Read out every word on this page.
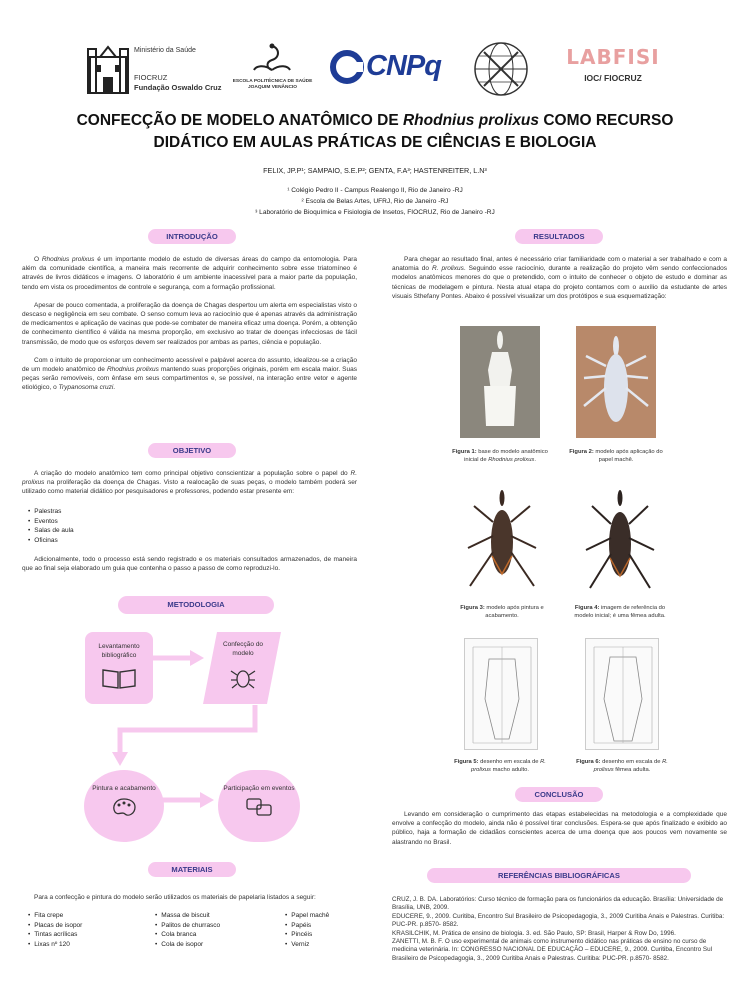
Ministério da Saúde
FIOCRUZ
Fundação Oswaldo Cruz
ESCOLA POLITÉCNICA DE SAÚDE
JOAQUIM VENÂNCIO
CNPq	LABFISI
IOC/ FIOCRUZ
CONFECÇÃO DE MODELO ANATÔMICO DE Rhodnius prolixus COMO RECURSO
DIDÁTICO EM AULAS PRÁTICAS DE CIÊNCIAS E BIOLOGIA
FELIX, JP.P¹; SAMPAIO, S.E.P²; GENTA, F.A³; HASTENREITER, L.N³
¹ Colégio Pedro II - Campus Realengo II, Rio de Janeiro -RJ
² Escola de Belas Artes, UFRJ, Rio de Janeiro -RJ
³ Laboratório de Bioquímica e Fisiologia de Insetos, FIOCRUZ, Rio de Janeiro -RJ
INTRODUÇÃO

O Rhodnius prolixus é um importante modelo de estudo de diversas áreas do campo da entomologia. Para além da comunidade científica, a maneira mais recorrente de adquirir conhecimento sobre esse triatomíneo é através de livros didáticos e imagens. O laboratório é um ambiente inacessível para a maior parte da população, tendo em vista os procedimentos de controle e segurança, com a formação profissional.

Apesar de pouco comentada, a proliferação da doença de Chagas despertou um alerta em especialistas visto o descaso e negligência em seu combate. O senso comum leva ao raciocínio que é apenas através da administração de medicamentos e aplicação de vacinas que pode-se combater de maneira eficaz uma doença. Porém, a obtenção de conhecimento científico é válida na mesma proporção, em exclusivo ao tratar de doenças infecciosas de fácil transmissão, de modo que os esforços devem ser realizados por ambas as partes, ciência e população.

Com o intuito de proporcionar um conhecimento acessível e palpável acerca do assunto, idealizou-se a criação de um modelo anatômico de Rhodnius prolixus mantendo suas proporções originais, porém em escala maior. Suas peças serão removíveis, com ênfase em seus compartimentos e, se possível, na interação entre vetor e agente etiológico, o Trypanosoma cruzi.

OBJETIVO

A criação do modelo anatômico tem como principal objetivo conscientizar a população sobre o papel do R. prolixus na proliferação da doença de Chagas. Visto a realocação de suas peças, o modelo também poderá ser utilizado como material didático por pesquisadores e professores, podendo estar presente em:

• Palestras
• Eventos
• Salas de aula
• Oficinas

Adicionalmente, todo o processo está sendo registrado e os materiais consultados armazenados, de maneira que ao final seja elaborado um guia que contenha o passo a passo de como reproduzi-lo.

METODOLOGIA
Levantamento bibliográfico
Confecção do modelo
Pintura e acabamento	Participação em eventos
MATERIAIS

Para a confecção e pintura do modelo serão utilizados os materiais de papelaria listados a seguir:

• Fita crepe
• Placas de isopor
• Tintas acrílicas
• Lixas nº 120
• Massa de biscuit
• Palitos de churrasco
• Cola branca
• Cola de isopor
• Papel machê
• Papéis
• Pincéis
• Verniz
RESULTADOS

Para chegar ao resultado final, antes é necessário criar familiaridade com o material a ser trabalhado e com a anatomia do R. prolixus. Seguindo esse raciocínio, durante a realização do projeto vêm sendo confeccionados modelos anatômicos menores do que o pretendido, com o intuito de conhecer o objeto de estudo e dominar as técnicas de modelagem e pintura. Nesta atual etapa do projeto contamos com o auxílio da estudante de artes visuais Sthefany Pontes. Abaixo é possível visualizar um dos protótipos e sua esquematização:

Figura 1: base do modelo anatômico inicial de Rhodnius prolixus.
Figura 2: modelo após aplicação do papel machê.
Figura 3: modelo após pintura e acabamento.
Figura 4: imagem de referência do modelo inicial; é uma fêmea adulta.
Figura 5: desenho em escala de R. prolixus macho adulto.
Figura 6: desenho em escala de R. prolixus fêmea adulta.
CONCLUSÃO

Levando em consideração o cumprimento das etapas estabelecidas na metodologia e a complexidade que envolve a confecção do modelo, ainda não é possível tirar conclusões. Espera-se que após finalizado e exibido ao público, haja a formação de cidadãos conscientes acerca de uma doença que aos poucos vem novamente se alastrando no Brasil.

REFERÊNCIAS BIBLIOGRÁFICAS
CRUZ, J. B. DA. Laboratórios: Curso técnico de formação para os funcionários da educação. Brasília: Universidade de Brasília, UNB, 2009.
EDUCERE, 9., 2009. Curitiba, Encontro Sul Brasileiro de Psicopedagogia, 3., 2009 Curitiba Anais e Palestras. Curitiba: PUC-PR. p.8570- 8582.
KRASILCHIK, M. Prática de ensino de biologia. 3. ed. São Paulo, SP: Brasil, Harper & Row Do, 1996.
ZANETTI, M. B. F. O uso experimental de animais como instrumento didático nas práticas de ensino no curso de medicina veterinária. In: CONGRESSO NACIONAL DE EDUCAÇÃO – EDUCERE, 9., 2009. Curitiba, Encontro Sul Brasileiro de Psicopedagogia, 3., 2009 Curitiba Anais e Palestras. Curitiba: PUC-PR. p.8570- 8582.
